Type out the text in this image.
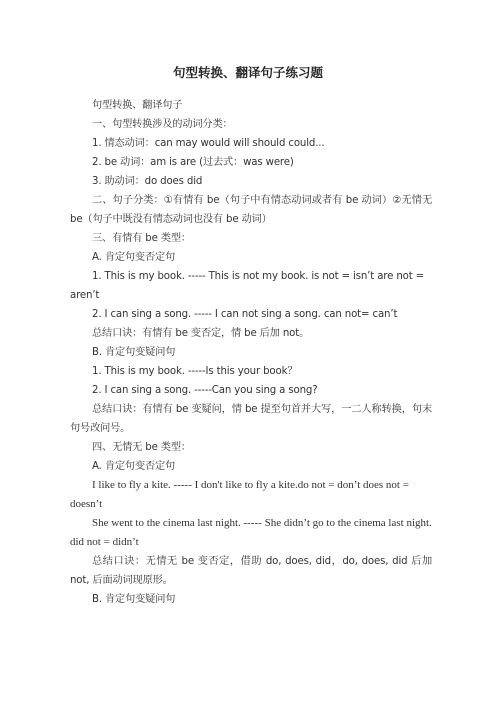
句型转换、翻译句子练习题

句型转换、翻译句子

一、句型转换涉及的动词分类：

1. 情态动词：can may would will should could...

2. be 动词：am is are (过去式：was were)

3. 助动词：do does did

二、句子分类：①有情有 be（句子中有情态动词或者有 be 动词）②无情无 be（句子中既没有情态动词也没有 be 动词）

三、有情有 be 类型：

A. 肯定句变否定句

1. This is my book. ----- This is not my book. is not = isn’t are not = aren’t

2. I can sing a song. ----- I can not sing a song. can not= can’t

总结口诀：有情有 be 变否定，情 be 后加 not。

B. 肯定句变疑问句

1. This is my book. -----Is this your book？

2. I can sing a song. -----Can you sing a song?

总结口诀：有情有 be 变疑问，情 be 提至句首并大写，一二人称转换，句末句号改问号。

四、无情无 be 类型：

A. 肯定句变否定句

I like to fly a kite. ----- I don't like to fly a kite.do not = don’t does not = doesn’t

She went to the cinema last night. ----- She didn’t go to the cinema last night. did not = didn’t

总结口诀：无情无 be 变否定，借助 do, does, did，do, does, did 后加 not, 后面动词现原形。

B. 肯定句变疑问句
